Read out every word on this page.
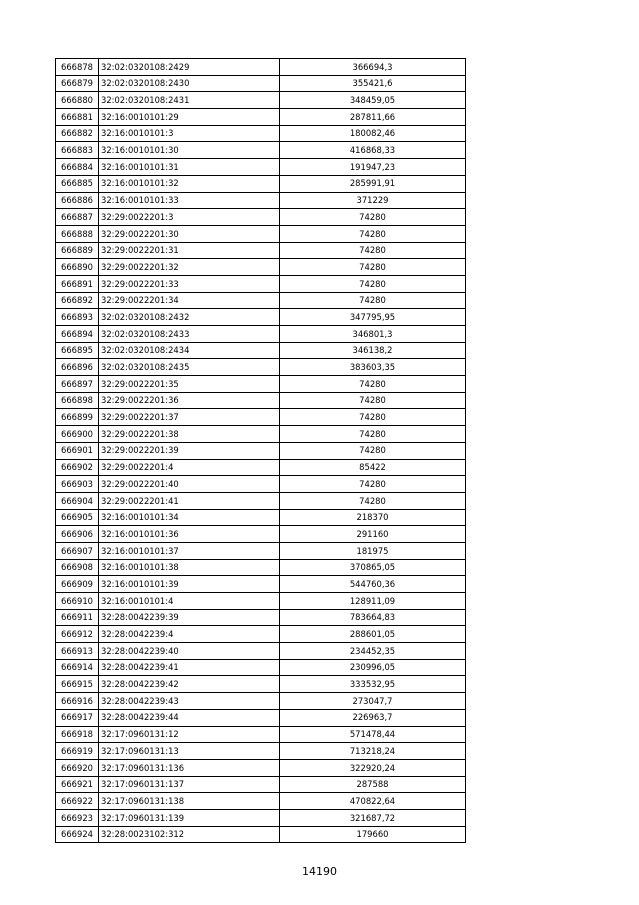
666878	32:02:0320108:2429	366694,3
666879	32:02:0320108:2430	355421,6
666880	32:02:0320108:2431	348459,05
666881	32:16:0010101:29	287811,66
666882	32:16:0010101:3	180082,46
666883	32:16:0010101:30	416868,33
666884	32:16:0010101:31	191947,23
666885	32:16:0010101:32	285991,91
666886	32:16:0010101:33	371229
666887	32:29:0022201:3	74280
666888	32:29:0022201:30	74280
666889	32:29:0022201:31	74280
666890	32:29:0022201:32	74280
666891	32:29:0022201:33	74280
666892	32:29:0022201:34	74280
666893	32:02:0320108:2432	347795,95
666894	32:02:0320108:2433	346801,3
666895	32:02:0320108:2434	346138,2
666896	32:02:0320108:2435	383603,35
666897	32:29:0022201:35	74280
666898	32:29:0022201:36	74280
666899	32:29:0022201:37	74280
666900	32:29:0022201:38	74280
666901	32:29:0022201:39	74280
666902	32:29:0022201:4	85422
666903	32:29:0022201:40	74280
666904	32:29:0022201:41	74280
666905	32:16:0010101:34	218370
666906	32:16:0010101:36	291160
666907	32:16:0010101:37	181975
666908	32:16:0010101:38	370865,05
666909	32:16:0010101:39	544760,36
666910	32:16:0010101:4	128911,09
666911	32:28:0042239:39	783664,83
666912	32:28:0042239:4	288601,05
666913	32:28:0042239:40	234452,35
666914	32:28:0042239:41	230996,05
666915	32:28:0042239:42	333532,95
666916	32:28:0042239:43	273047,7
666917	32:28:0042239:44	226963,7
666918	32:17:0960131:12	571478,44
666919	32:17:0960131:13	713218,24
666920	32:17:0960131:136	322920,24
666921	32:17:0960131:137	287588
666922	32:17:0960131:138	470822,64
666923	32:17:0960131:139	321687,72
666924	32:28:0023102:312	179660
14190
